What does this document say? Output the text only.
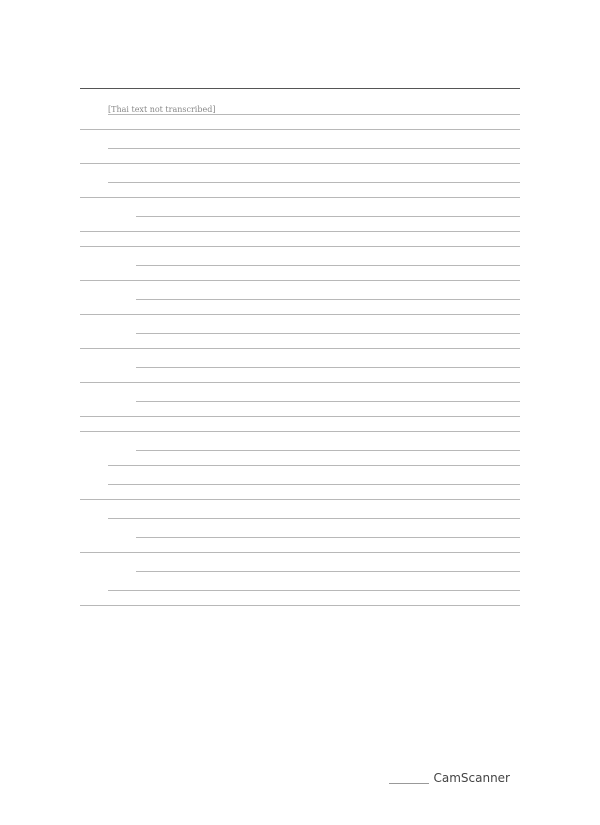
[Thai text not transcribed]
CamScanner
